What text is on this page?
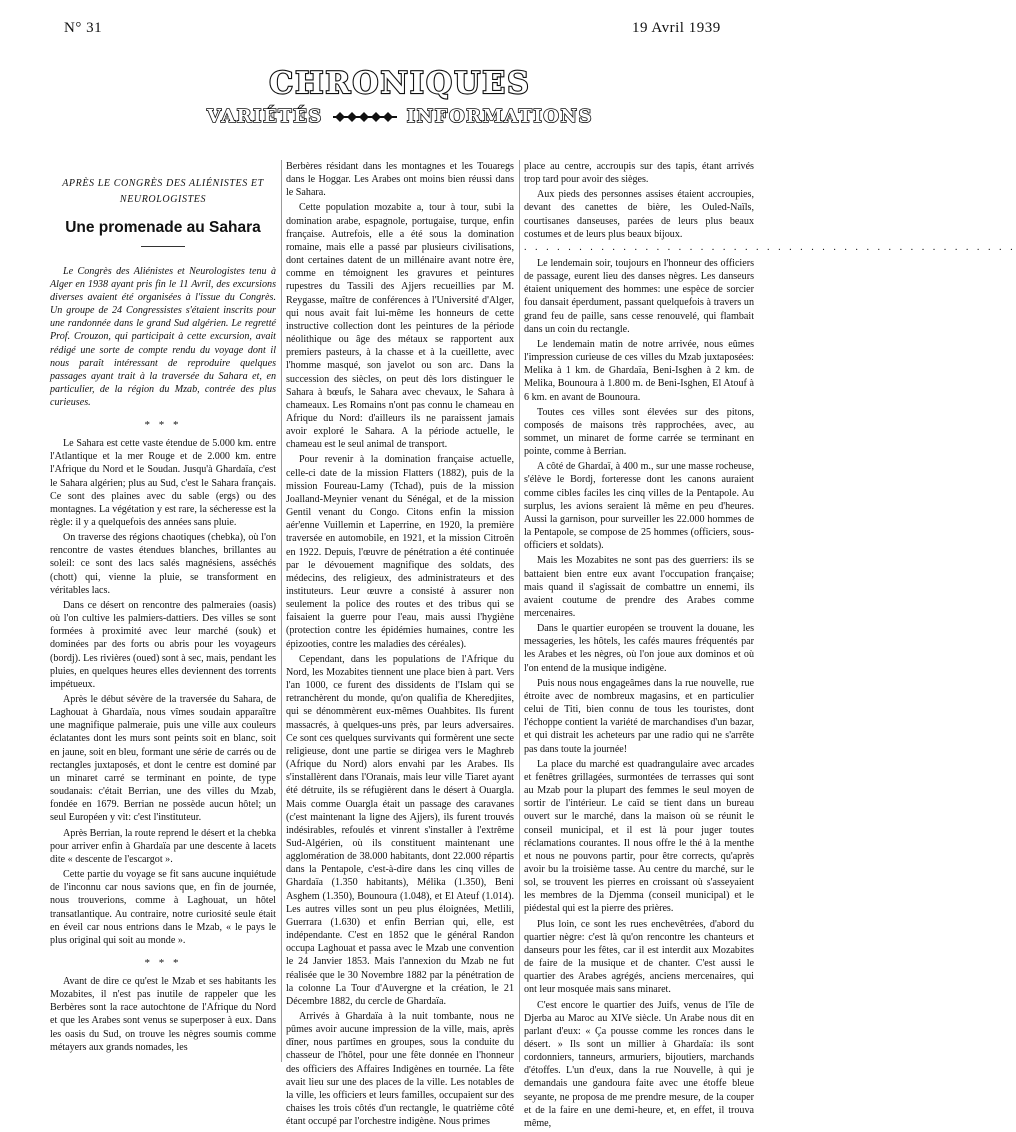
N° 31	19 Avril 1939
CHRONIQUES
VARIÉTÉS	INFORMATIONS
APRÈS LE CONGRÈS DES ALIÉNISTES ET NEUROLOGISTES
Une promenade au Sahara

Le Congrès des Aliénistes et Neurologistes tenu à Alger en 1938 ayant pris fin le 11 Avril, des excursions diverses avaient été organisées à l'issue du Congrès. Un groupe de 24 Congressistes s'étaient inscrits pour une randonnée dans le grand Sud algérien. Le regretté Prof. Crouzon, qui participait à cette excursion, avait rédigé une sorte de compte rendu du voyage dont il nous paraît intéressant de reproduire quelques passages ayant trait à la traversée du Sahara et, en particulier, de la région du Mzab, contrée des plus curieuses.

* * *

Le Sahara est cette vaste étendue de 5.000 km. entre l'Atlantique et la mer Rouge et de 2.000 km. entre l'Afrique du Nord et le Soudan. Jusqu'à Ghardaïa, c'est le Sahara algérien; plus au Sud, c'est le Sahara français. Ce sont des plaines avec du sable (ergs) ou des montagnes. La végétation y est rare, la sécheresse est la règle: il y a quelquefois des années sans pluie.

On traverse des régions chaotiques (chebka), où l'on rencontre de vastes étendues blanches, brillantes au soleil: ce sont des lacs salés magnésiens, asséchés (chott) qui, vienne la pluie, se transforment en véritables lacs.

Dans ce désert on rencontre des palmeraies (oasis) où l'on cultive les palmiers-dattiers. Des villes se sont formées à proximité avec leur marché (souk) et dominées par des forts ou abris pour les voyageurs (bordj). Les rivières (oued) sont à sec, mais, pendant les pluies, en quelques heures elles deviennent des torrents impétueux.

Après le début sévère de la traversée du Sahara, de Laghouat à Ghardaïa, nous vîmes soudain apparaître une magnifique palmeraie, puis une ville aux couleurs éclatantes dont les murs sont peints soit en blanc, soit en jaune, soit en bleu, formant une série de carrés ou de rectangles juxtaposés, et dont le centre est dominé par un minaret carré se terminant en pointe, de type soudanais: c'était Berrian, une des villes du Mzab, fondée en 1679. Berrian ne possède aucun hôtel; un seul Européen y vit: c'est l'instituteur.

Après Berrian, la route reprend le désert et la chebka pour arriver enfin à Ghardaïa par une descente à lacets dite « descente de l'escargot ».

Cette partie du voyage se fit sans aucune inquiétude de l'inconnu car nous savions que, en fin de journée, nous trouverions, comme à Laghouat, un hôtel transatlantique. Au contraire, notre curiosité seule était en éveil car nous entrions dans le Mzab, « le pays le plus original qui soit au monde ».

* * *

Avant de dire ce qu'est le Mzab et ses habitants les Mozabites, il n'est pas inutile de rappeler que les Berbères sont la race autochtone de l'Afrique du Nord et que les Arabes sont venus se superposer à eux. Dans les oasis du Sud, on trouve les nègres soumis comme métayers aux grands nomades, les

Berbères résidant dans les montagnes et les Touaregs dans le Hoggar. Les Arabes ont moins bien réussi dans le Sahara.

Cette population mozabite a, tour à tour, subi la domination arabe, espagnole, portugaise, turque, enfin française. Autrefois, elle a été sous la domination romaine, mais elle a passé par plusieurs civilisations, dont certaines datent de un millénaire avant notre ère, comme en témoignent les gravures et peintures rupestres du Tassili des Ajjers recueillies par M. Reygasse, maître de conférences à l'Université d'Alger, qui nous avait fait lui-même les honneurs de cette instructive collection dont les peintures de la période néolithique ou âge des métaux se rapportent aux premiers pasteurs, à la chasse et à la cueillette, avec l'homme masqué, son javelot ou son arc. Dans la succession des siècles, on peut dès lors distinguer le Sahara à bœufs, le Sahara avec chevaux, le Sahara à chameaux. Les Romains n'ont pas connu le chameau en Afrique du Nord: d'ailleurs ils ne paraissent jamais avoir exploré le Sahara. A la période actuelle, le chameau est le seul animal de transport.

Pour revenir à la domination française actuelle, celle-ci date de la mission Flatters (1882), puis de la mission Foureau-Lamy (Tchad), puis de la mission Joalland-Meynier venant du Sénégal, et de la mission Gentil venant du Congo. Citons enfin la mission aér'enne Vuillemin et Laperrine, en 1920, la première traversée en automobile, en 1921, et la mission Citroën en 1922. Depuis, l'œuvre de pénétration a été continuée par le dévouement magnifique des soldats, des médecins, des religieux, des administrateurs et des instituteurs. Leur œuvre a consisté à assurer non seulement la police des routes et des tribus qui se faisaient la guerre pour l'eau, mais aussi l'hygiène (protection contre les épidémies humaines, contre les épizooties, contre les maladies des céréales).

Cependant, dans les populations de l'Afrique du Nord, les Mozabites tiennent une place bien à part. Vers l'an 1000, ce furent des dissidents de l'Islam qui se retranchèrent du monde, qu'on qualifia de Kheredjites, qui se dénommèrent eux-mêmes Ouahbites. Ils furent massacrés, à quelques-uns près, par leurs adversaires. Ce sont ces quelques survivants qui formèrent une secte religieuse, dont une partie se dirigea vers le Maghreb (Afrique du Nord) alors envahi par les Arabes. Ils s'installèrent dans l'Oranais, mais leur ville Tiaret ayant été détruite, ils se réfugièrent dans le désert à Ouargla. Mais comme Ouargla était un passage des caravanes (c'est maintenant la ligne des Ajjers), ils furent trouvés indésirables, refoulés et vinrent s'installer à l'extrême Sud-Algérien, où ils constituent maintenant une agglomération de 38.000 habitants, dont 22.000 répartis dans la Pentapole, c'est-à-dire dans les cinq villes de Ghardaïa (1.350 habitants), Mélika (1.350), Beni Asghem (1.350), Bounoura (1.048), et El Ateuf (1.014). Les autres villes sont un peu plus éloignées, Metlili, Guerrara (1.630) et enfin Berrian qui, elle, est indépendante. C'est en 1852 que le général Randon occupa Laghouat et passa avec le Mzab une convention le 24 Janvier 1853. Mais l'annexion du Mzab ne fut réalisée que le 30 Novembre 1882 par la pénétration de la colonne La Tour d'Auvergne et la création, le 21 Décembre 1882, du cercle de Ghardaïa.

Arrivés à Ghardaïa à la nuit tombante, nous ne pûmes avoir aucune impression de la ville, mais, après dîner, nous partîmes en groupes, sous la conduite du chasseur de l'hôtel, pour une fête donnée en l'honneur des officiers des Affaires Indigènes en tournée. La fête avait lieu sur une des places de la ville. Les notables de la ville, les officiers et leurs familles, occupaient sur des chaises les trois côtés d'un rectangle, le quatrième côté étant occupé par l'orchestre indigène. Nous primes

place au centre, accroupis sur des tapis, étant arrivés trop tard pour avoir des sièges.

Aux pieds des personnes assises étaient accroupies, devant des canettes de bière, les Ouled-Naïls, courtisanes danseuses, parées de leurs plus beaux costumes et de leurs plus beaux bijoux.

. . . . . . . . . . . . . . . . . . . . . . . . . . . . . . . . . . . . . . . . . . . . .

Le lendemain soir, toujours en l'honneur des officiers de passage, eurent lieu des danses nègres. Les danseurs étaient uniquement des hommes: une espèce de sorcier fou dansait éperdument, passant quelquefois à travers un grand feu de paille, sans cesse renouvelé, qui flambait dans un coin du rectangle.

Le lendemain matin de notre arrivée, nous eûmes l'impression curieuse de ces villes du Mzab juxtaposées: Melika à 1 km. de Ghardaïa, Beni-Isghen à 2 km. de Melika, Bounoura à 1.800 m. de Beni-Isghen, El Atouf à 6 km. en avant de Bounoura.

Toutes ces villes sont élevées sur des pitons, composés de maisons très rapprochées, avec, au sommet, un minaret de forme carrée se terminant en pointe, comme à Berrian.

A côté de Ghardaï, à 400 m., sur une masse rocheuse, s'élève le Bordj, forteresse dont les canons auraient comme cibles faciles les cinq villes de la Pentapole. Au surplus, les avions seraient là même en peu d'heures. Aussi la garnison, pour surveiller les 22.000 hommes de la Pentapole, se compose de 25 hommes (officiers, sous-officiers et soldats).

Mais les Mozabites ne sont pas des guerriers: ils se battaient bien entre eux avant l'occupation française; mais quand il s'agissait de combattre un ennemi, ils avaient coutume de prendre des Arabes comme mercenaires.

Dans le quartier européen se trouvent la douane, les messageries, les hôtels, les cafés maures fréquentés par les Arabes et les nègres, où l'on joue aux dominos et où l'on entend de la musique indigène.

Puis nous nous engageâmes dans la rue nouvelle, rue étroite avec de nombreux magasins, et en particulier celui de Titi, bien connu de tous les touristes, dont l'échoppe contient la variété de marchandises d'un bazar, et qui distrait les acheteurs par une radio qui ne s'arrête pas dans toute la journée!

La place du marché est quadrangulaire avec arcades et fenêtres grillagées, surmontées de terrasses qui sont au Mzab pour la plupart des femmes le seul moyen de sortir de l'intérieur. Le caïd se tient dans un bureau ouvert sur le marché, dans la maison où se réunit le conseil municipal, et il est là pour juger toutes réclamations courantes. Il nous offre le thé à la menthe et nous ne pouvons partir, pour être corrects, qu'après avoir bu la troisième tasse. Au centre du marché, sur le sol, se trouvent les pierres en croissant où s'asseyaient les membres de la Djemma (conseil municipal) et le piédestal qui est la pierre des prières.

Plus loin, ce sont les rues enchevêtrées, d'abord du quartier nègre: c'est là qu'on rencontre les chanteurs et danseurs pour les fêtes, car il est interdit aux Mozabites de faire de la musique et de chanter. C'est aussi le quartier des Arabes agrégés, anciens mercenaires, qui ont leur mosquée mais sans minaret.

C'est encore le quartier des Juifs, venus de l'île de Djerba au Maroc au XIVe siècle. Un Arabe nous dit en parlant d'eux: « Ça pousse comme les ronces dans le désert. » Ils sont un millier à Ghardaïa: ils sont cordonniers, tanneurs, armuriers, bijoutiers, marchands d'étoffes. L'un d'eux, dans la rue Nouvelle, à qui je demandais une gandoura faite avec une étoffe bleue seyante, ne proposa de me prendre mesure, de la couper et de la faire en une demi-heure, et, en effet, il trouva même,
